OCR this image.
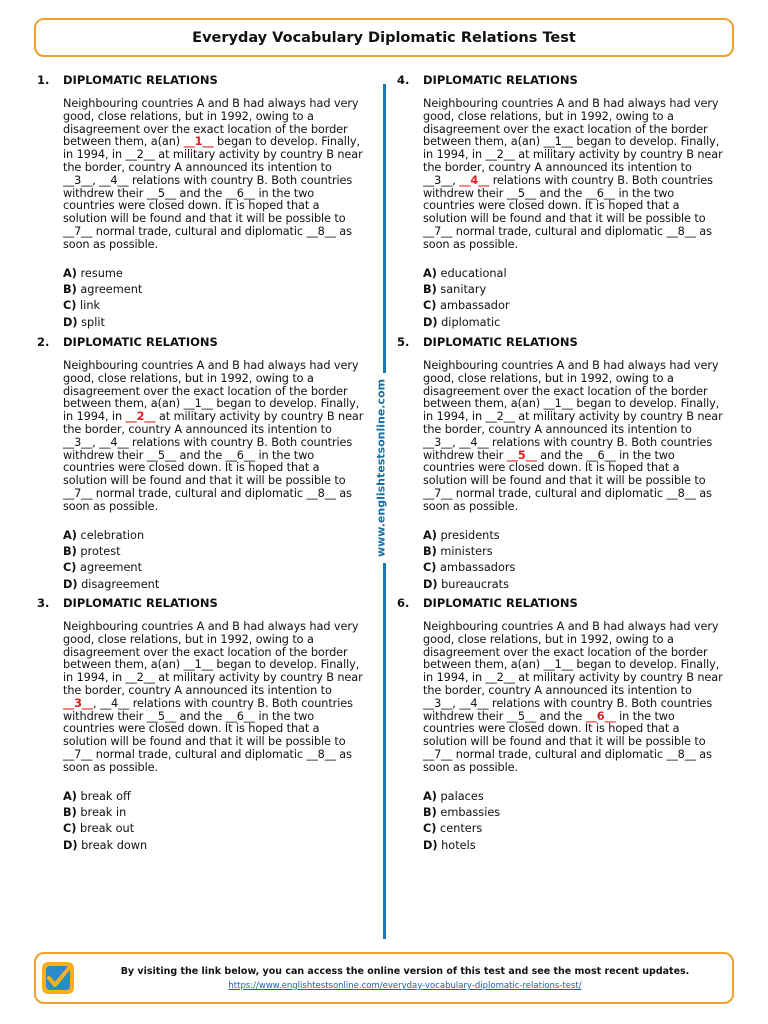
Everyday Vocabulary Diplomatic Relations Test
www.englishtestsonline.com
1. DIPLOMATIC RELATIONS

Neighbouring countries A and B had always had very

good, close relations, but in 1992, owing to a

disagreement over the exact location of the border

between them, a(an) __1__ began to develop. Finally,

in 1994, in __2__ at military activity by country B near

the border, country A announced its intention to

__3__, __4__ relations with country B. Both countries

withdrew their __5__ and the __6__ in the two

countries were closed down. It is hoped that a

solution will be found and that it will be possible to

__7__ normal trade, cultural and diplomatic __8__ as

soon as possible.

A) resume
B) agreement
C) link
D) split
2. DIPLOMATIC RELATIONS

Neighbouring countries A and B had always had very

good, close relations, but in 1992, owing to a

disagreement over the exact location of the border

between them, a(an) __1__ began to develop. Finally,

in 1994, in __2__ at military activity by country B near

the border, country A announced its intention to

__3__, __4__ relations with country B. Both countries

withdrew their __5__ and the __6__ in the two

countries were closed down. It is hoped that a

solution will be found and that it will be possible to

__7__ normal trade, cultural and diplomatic __8__ as

soon as possible.

A) celebration
B) protest
C) agreement
D) disagreement
3. DIPLOMATIC RELATIONS

Neighbouring countries A and B had always had very

good, close relations, but in 1992, owing to a

disagreement over the exact location of the border

between them, a(an) __1__ began to develop. Finally,

in 1994, in __2__ at military activity by country B near

the border, country A announced its intention to

__3__, __4__ relations with country B. Both countries

withdrew their __5__ and the __6__ in the two

countries were closed down. It is hoped that a

solution will be found and that it will be possible to

__7__ normal trade, cultural and diplomatic __8__ as

soon as possible.

A) break off
B) break in
C) break out
D) break down
4. DIPLOMATIC RELATIONS

Neighbouring countries A and B had always had very

good, close relations, but in 1992, owing to a

disagreement over the exact location of the border

between them, a(an) __1__ began to develop. Finally,

in 1994, in __2__ at military activity by country B near

the border, country A announced its intention to

__3__, __4__ relations with country B. Both countries

withdrew their __5__ and the __6__ in the two

countries were closed down. It is hoped that a

solution will be found and that it will be possible to

__7__ normal trade, cultural and diplomatic __8__ as

soon as possible.

A) educational
B) sanitary
C) ambassador
D) diplomatic
5. DIPLOMATIC RELATIONS

Neighbouring countries A and B had always had very

good, close relations, but in 1992, owing to a

disagreement over the exact location of the border

between them, a(an) __1__ began to develop. Finally,

in 1994, in __2__ at military activity by country B near

the border, country A announced its intention to

__3__, __4__ relations with country B. Both countries

withdrew their __5__ and the __6__ in the two

countries were closed down. It is hoped that a

solution will be found and that it will be possible to

__7__ normal trade, cultural and diplomatic __8__ as

soon as possible.

A) presidents
B) ministers
C) ambassadors
D) bureaucrats
6. DIPLOMATIC RELATIONS

Neighbouring countries A and B had always had very

good, close relations, but in 1992, owing to a

disagreement over the exact location of the border

between them, a(an) __1__ began to develop. Finally,

in 1994, in __2__ at military activity by country B near

the border, country A announced its intention to

__3__, __4__ relations with country B. Both countries

withdrew their __5__ and the __6__ in the two

countries were closed down. It is hoped that a

solution will be found and that it will be possible to

__7__ normal trade, cultural and diplomatic __8__ as

soon as possible.

A) palaces
B) embassies
C) centers
D) hotels
By visiting the link below, you can access the online version of this test and see the most recent updates.
https://www.englishtestsonline.com/everyday-vocabulary-diplomatic-relations-test/
